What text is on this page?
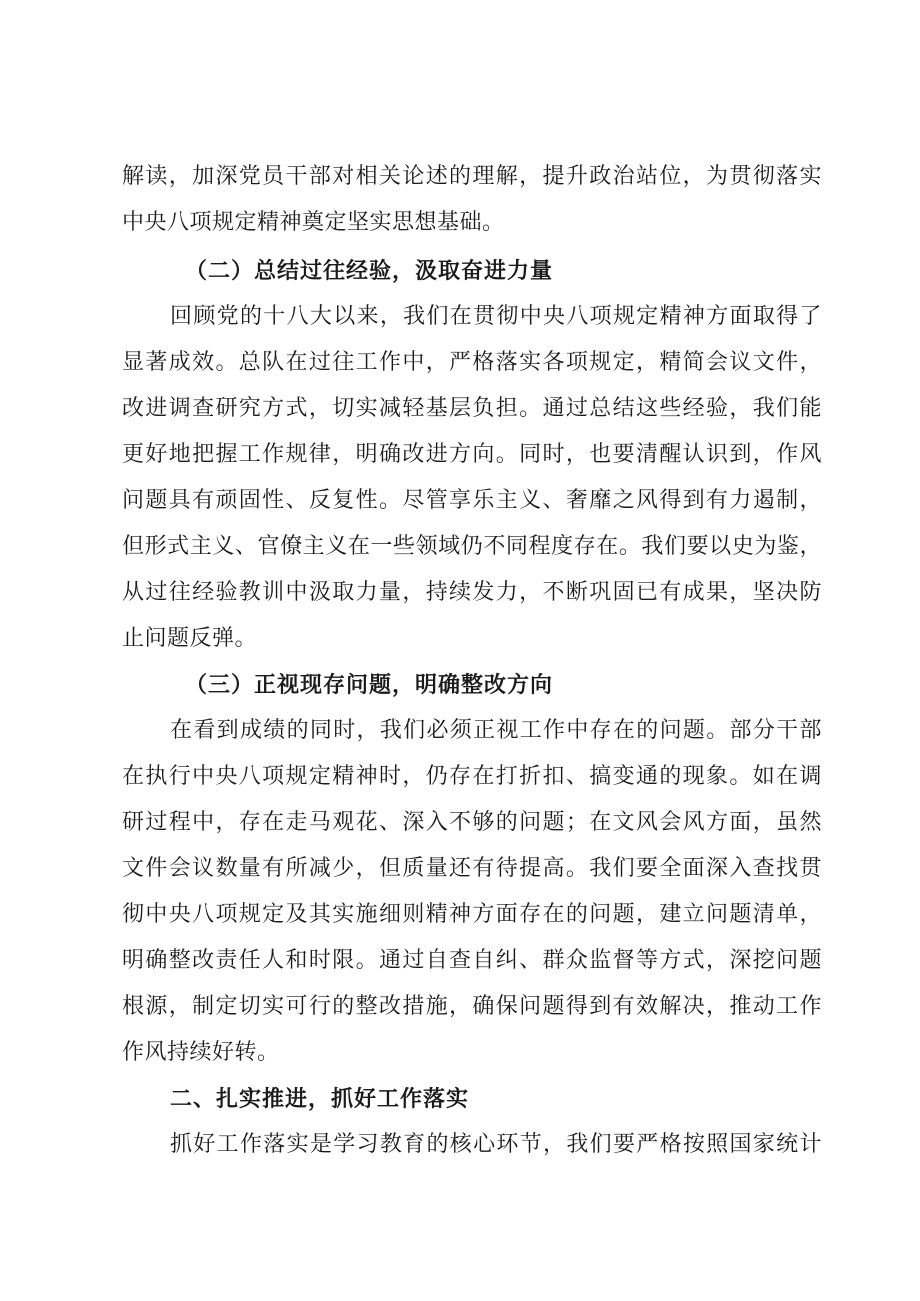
解读，加深党员干部对相关论述的理解，提升政治站位，为贯彻落实
中央八项规定精神奠定坚实思想基础。
（二）总结过往经验，汲取奋进力量
回顾党的十八大以来，我们在贯彻中央八项规定精神方面取得了
显著成效。总队在过往工作中，严格落实各项规定，精简会议文件，
改进调查研究方式，切实减轻基层负担。通过总结这些经验，我们能
更好地把握工作规律，明确改进方向。同时，也要清醒认识到，作风
问题具有顽固性、反复性。尽管享乐主义、奢靡之风得到有力遏制，
但形式主义、官僚主义在一些领域仍不同程度存在。我们要以史为鉴，
从过往经验教训中汲取力量，持续发力，不断巩固已有成果，坚决防
止问题反弹。
（三）正视现存问题，明确整改方向
在看到成绩的同时，我们必须正视工作中存在的问题。部分干部
在执行中央八项规定精神时，仍存在打折扣、搞变通的现象。如在调
研过程中，存在走马观花、深入不够的问题；在文风会风方面，虽然
文件会议数量有所减少，但质量还有待提高。我们要全面深入查找贯
彻中央八项规定及其实施细则精神方面存在的问题，建立问题清单，
明确整改责任人和时限。通过自查自纠、群众监督等方式，深挖问题
根源，制定切实可行的整改措施，确保问题得到有效解决，推动工作
作风持续好转。
二、扎实推进，抓好工作落实
抓好工作落实是学习教育的核心环节，我们要严格按照国家统计
